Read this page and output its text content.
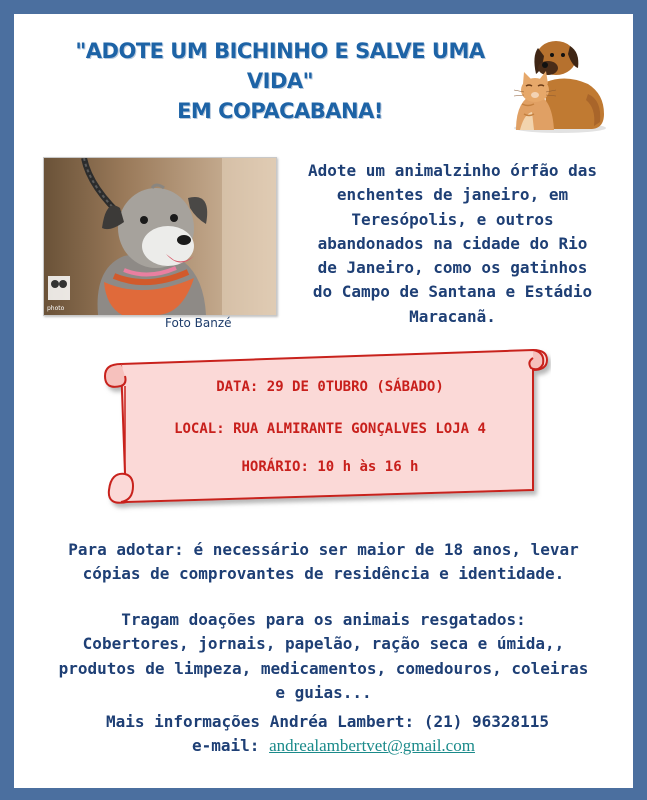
"ADOTE UM BICHINHO E SALVE UMA VIDA"
EM COPACABANA!
photo
Foto Banzé
Adote um animalzinho órfão das
enchentes de janeiro, em
Teresópolis, e outros
abandonados na cidade do Rio
de Janeiro, como os gatinhos
do Campo de Santana e Estádio
Maracanã.
DATA: 29 DE 0TUBRO (SÁBADO)
LOCAL: RUA ALMIRANTE GONÇALVES LOJA 4
HORÁRIO: 10 h às 16 h
Para adotar: é necessário ser maior de 18 anos, levar
cópias de comprovantes de residência e identidade.
Tragam doações para os animais resgatados:
Cobertores, jornais, papelão, ração seca e úmida,,
produtos de limpeza, medicamentos, comedouros, coleiras
e guias...
Mais informações Andréa Lambert: (21) 96328115
e-mail: andrealambertvet@gmail.com
